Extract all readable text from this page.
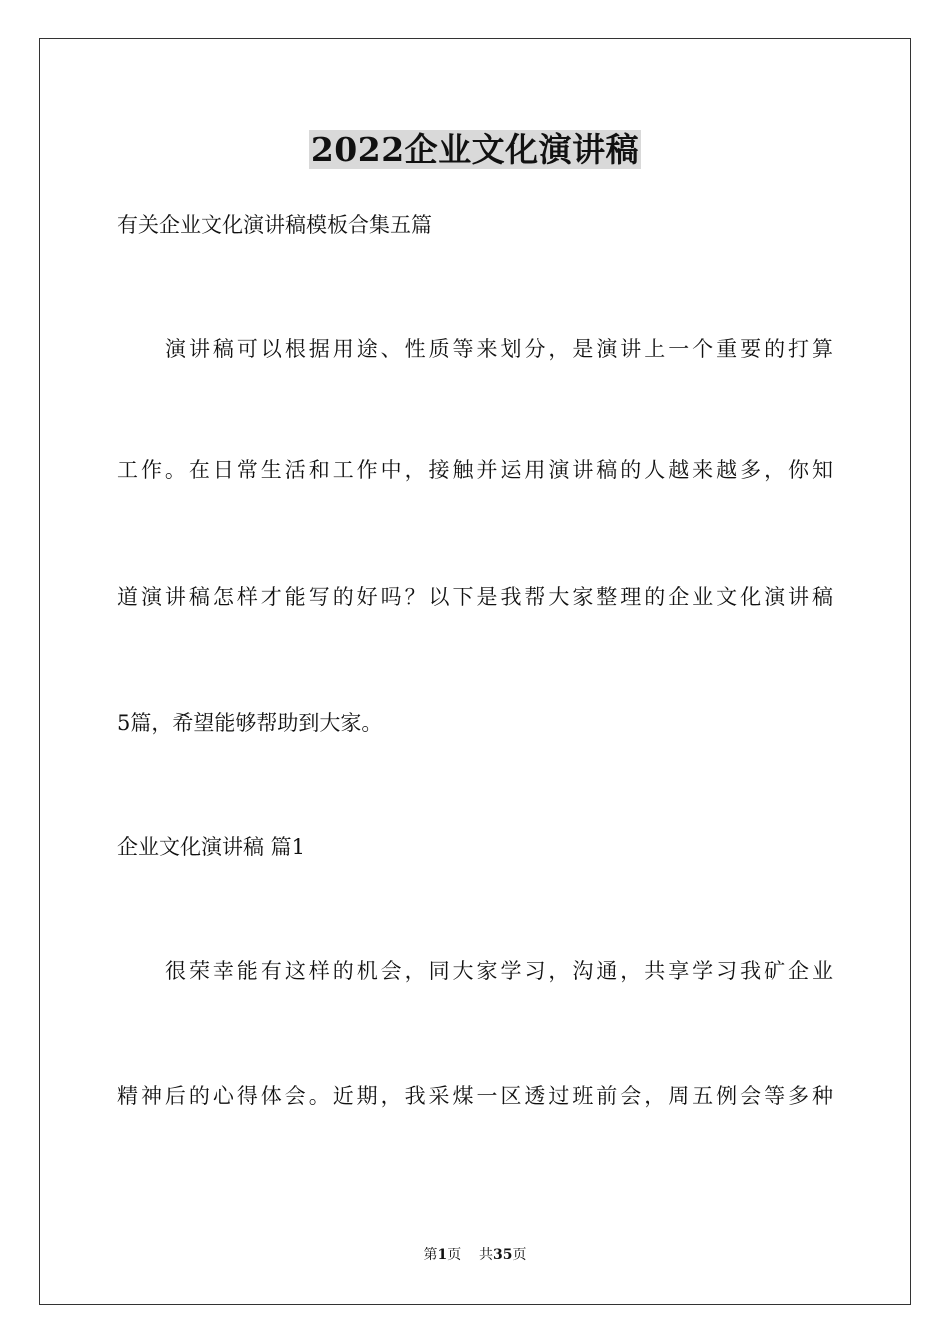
2022企业文化演讲稿
有关企业文化演讲稿模板合集五篇
演讲稿可以根据用途、性质等来划分，是演讲上一个重要的打算
工作。在日常生活和工作中，接触并运用演讲稿的人越来越多，你知
道演讲稿怎样才能写的好吗？以下是我帮大家整理的企业文化演讲稿
5篇，希望能够帮助到大家。
企业文化演讲稿 篇1
很荣幸能有这样的机会，同大家学习，沟通，共享学习我矿企业
精神后的心得体会。近期，我采煤一区透过班前会，周五例会等多种
第1页 共35页
